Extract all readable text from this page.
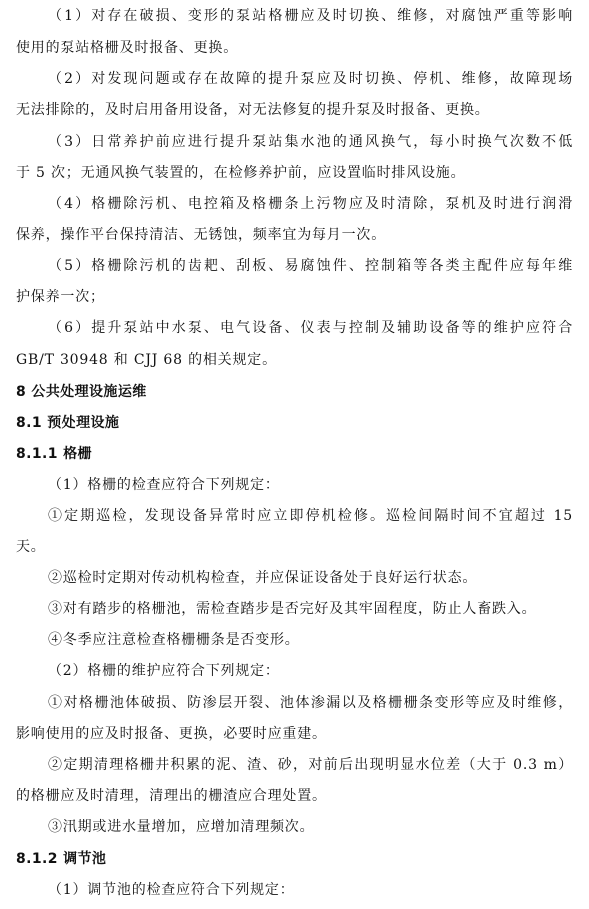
（1）对存在破损、变形的泵站格栅应及时切换、维修，对腐蚀严重等影响
使用的泵站格栅及时报备、更换。
（2）对发现问题或存在故障的提升泵应及时切换、停机、维修，故障现场
无法排除的，及时启用备用设备，对无法修复的提升泵及时报备、更换。
（3）日常养护前应进行提升泵站集水池的通风换气，每小时换气次数不低
于 5 次；无通风换气装置的，在检修养护前，应设置临时排风设施。
（4）格栅除污机、电控箱及格栅条上污物应及时清除，泵机及时进行润滑
保养，操作平台保持清洁、无锈蚀，频率宜为每月一次。
（5）格栅除污机的齿耙、刮板、易腐蚀件、控制箱等各类主配件应每年维
护保养一次；
（6）提升泵站中水泵、电气设备、仪表与控制及辅助设备等的维护应符合
GB/T 30948 和 CJJ 68 的相关规定。
8 公共处理设施运维
8.1 预处理设施
8.1.1 格栅
（1）格栅的检查应符合下列规定：
①定期巡检，发现设备异常时应立即停机检修。巡检间隔时间不宜超过 15
天。
②巡检时定期对传动机构检查，并应保证设备处于良好运行状态。
③对有踏步的格栅池，需检查踏步是否完好及其牢固程度，防止人畜跌入。
④冬季应注意检查格栅栅条是否变形。
（2）格栅的维护应符合下列规定：
①对格栅池体破损、防渗层开裂、池体渗漏以及格栅栅条变形等应及时维修，
影响使用的应及时报备、更换，必要时应重建。
②定期清理格栅井积累的泥、渣、砂，对前后出现明显水位差（大于 0.3 m）
的格栅应及时清理，清理出的栅渣应合理处置。
③汛期或进水量增加，应增加清理频次。
8.1.2 调节池
（1）调节池的检查应符合下列规定：
